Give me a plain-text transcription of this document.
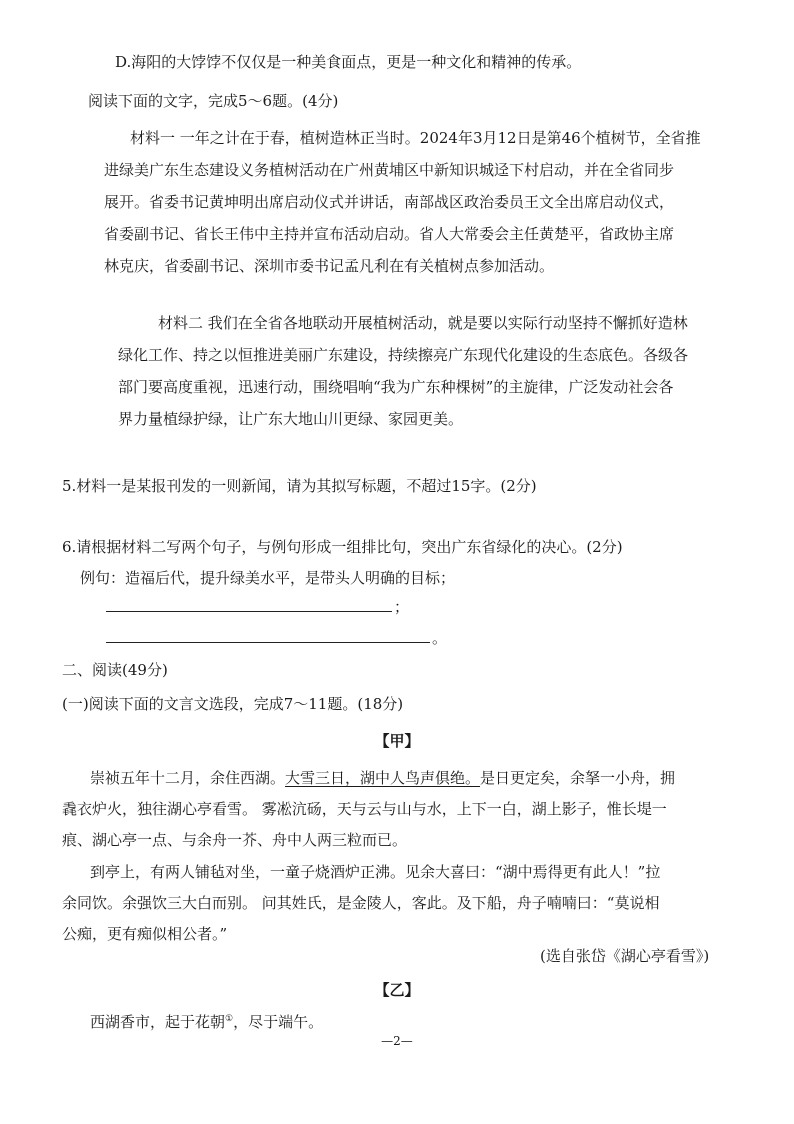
D.海阳的大饽饽不仅仅是一种美食面点，更是一种文化和精神的传承。
阅读下面的文字，完成5～6题。(4分)
材料一 一年之计在于春，植树造林正当时。2024年3月12日是第46个植树节，全省推
进绿美广东生态建设义务植树活动在广州黄埔区中新知识城迳下村启动，并在全省同步
展开。省委书记黄坤明出席启动仪式并讲话，南部战区政治委员王文全出席启动仪式，
省委副书记、省长王伟中主持并宣布活动启动。省人大常委会主任黄楚平，省政协主席
林克庆，省委副书记、深圳市委书记孟凡利在有关植树点参加活动。
材料二 我们在全省各地联动开展植树活动，就是要以实际行动坚持不懈抓好造林
绿化工作、持之以恒推进美丽广东建设，持续擦亮广东现代化建设的生态底色。各级各
部门要高度重视，迅速行动，围绕唱响“我为广东种棵树”的主旋律，广泛发动社会各
界力量植绿护绿，让广东大地山川更绿、家园更美。
5.材料一是某报刊发的一则新闻，请为其拟写标题，不超过15字。(2分)
6.请根据材料二写两个句子，与例句形成一组排比句，突出广东省绿化的决心。(2分)
例句：造福后代，提升绿美水平，是带头人明确的目标；
；
。
二、阅读(49分)
(一)阅读下面的文言文选段，完成7～11题。(18分)
【甲】
崇祯五年十二月，余住西湖。大雪三日，湖中人鸟声俱绝。是日更定矣，余拏一小舟，拥
毳衣炉火，独往湖心亭看雪。 雾凇沆砀，天与云与山与水，上下一白，湖上影子，惟长堤一
痕、湖心亭一点、与余舟一芥、舟中人两三粒而已。
到亭上，有两人铺毡对坐，一童子烧酒炉正沸。见余大喜曰：“湖中焉得更有此人！”拉
余同饮。余强饮三大白而别。 问其姓氏，是金陵人，客此。及下船，舟子喃喃曰：“莫说相
公痴，更有痴似相公者。”
(选自张岱《湖心亭看雪》)
【乙】
西湖香市，起于花朝①，尽于端午。
—2—
